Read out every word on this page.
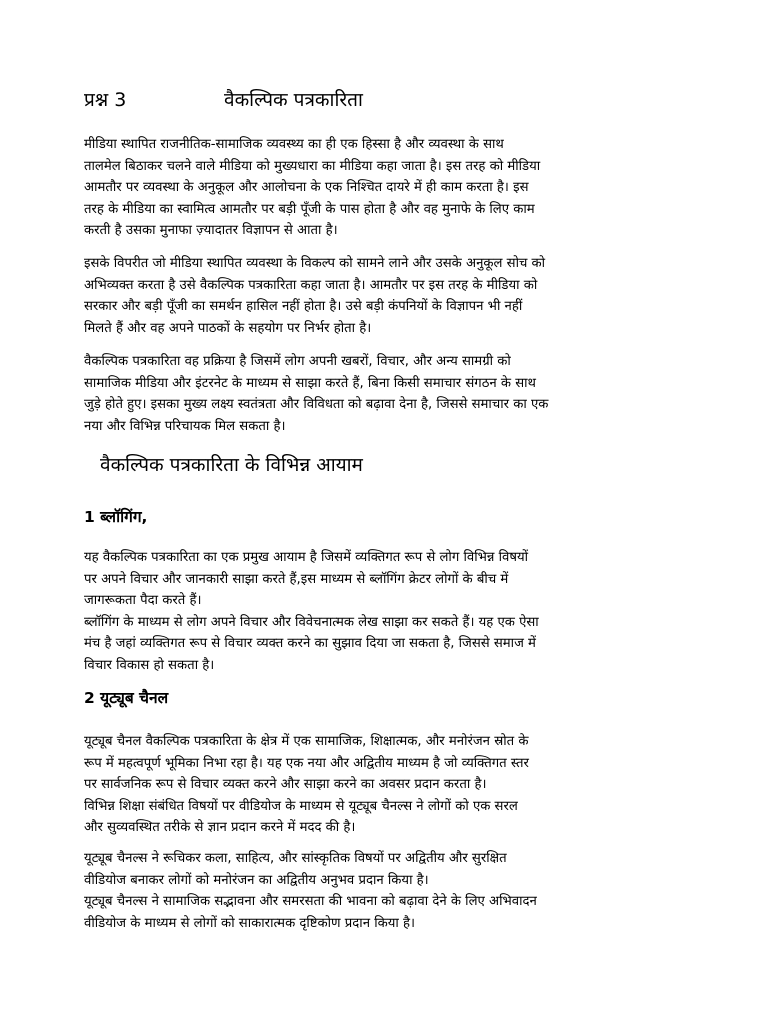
प्रश्न 3	वैकल्पिक पत्रकारिता

मीडिया स्थापित राजनीतिक-सामाजिक व्यवस्थ्य का ही एक हिस्सा है और व्यवस्था के साथ
तालमेल बिठाकर चलने वाले मीडिया को मुख्यधारा का मीडिया कहा जाता है। इस तरह को मीडिया
आमतौर पर व्यवस्था के अनुकूल और आलोचना के एक निश्चित दायरे में ही काम करता है। इस
तरह के मीडिया का स्वामित्व आमतौर पर बड़ी पूँजी के पास होता है और वह मुनाफे के लिए काम
करती है उसका मुनाफा ज़्यादातर विज्ञापन से आता है।

इसके विपरीत जो मीडिया स्थापित व्यवस्था के विकल्प को सामने लाने और उसके अनुकूल सोच को
अभिव्यक्त करता है उसे वैकल्पिक पत्रकारिता कहा जाता है। आमतौर पर इस तरह के मीडिया को
सरकार और बड़ी पूँजी का समर्थन हासिल नहीं होता है। उसे बड़ी कंपनियों के विज्ञापन भी नहीं
मिलते हैं और वह अपने पाठकों के सहयोग पर निर्भर होता है।

वैकल्पिक पत्रकारिता वह प्रक्रिया है जिसमें लोग अपनी खबरों, विचार, और अन्य सामग्री को
सामाजिक मीडिया और इंटरनेट के माध्यम से साझा करते हैं, बिना किसी समाचार संगठन के साथ
जुड़े होते हुए। इसका मुख्य लक्ष्य स्वतंत्रता और विविधता को बढ़ावा देना है, जिससे समाचार का एक
नया और विभिन्न परिचायक मिल सकता है।

वैकल्पिक पत्रकारिता के विभिन्न आयाम
1 ब्लॉगिंग,

यह वैकल्पिक पत्रकारिता का एक प्रमुख आयाम है जिसमें व्यक्तिगत रूप से लोग विभिन्न विषयों
पर अपने विचार और जानकारी साझा करते हैं,इस माध्यम से ब्लॉगिंग क्रेटर लोगों के बीच में
जागरूकता पैदा करते हैं।
ब्लॉगिंग के माध्यम से लोग अपने विचार और विवेचनात्मक लेख साझा कर सकते हैं। यह एक ऐसा
मंच है जहां व्यक्तिगत रूप से विचार व्यक्त करने का सुझाव दिया जा सकता है, जिससे समाज में
विचार विकास हो सकता है।

2 यूट्यूब चैनल

यूट्यूब चैनल वैकल्पिक पत्रकारिता के क्षेत्र में एक सामाजिक, शिक्षात्मक, और मनोरंजन स्रोत के
रूप में महत्वपूर्ण भूमिका निभा रहा है। यह एक नया और अद्वितीय माध्यम है जो व्यक्तिगत स्तर
पर सार्वजनिक रूप से विचार व्यक्त करने और साझा करने का अवसर प्रदान करता है।
विभिन्न शिक्षा संबंधित विषयों पर वीडियोज के माध्यम से यूट्यूब चैनल्स ने लोगों को एक सरल
और सुव्यवस्थित तरीके से ज्ञान प्रदान करने में मदद की है।

यूट्यूब चैनल्स ने रूचिकर कला, साहित्य, और सांस्कृतिक विषयों पर अद्वितीय और सुरक्षित
वीडियोज बनाकर लोगों को मनोरंजन का अद्वितीय अनुभव प्रदान किया है।
यूट्यूब चैनल्स ने सामाजिक सद्भावना और समरसता की भावना को बढ़ावा देने के लिए अभिवादन
वीडियोज के माध्यम से लोगों को साकारात्मक दृष्टिकोण प्रदान किया है।
